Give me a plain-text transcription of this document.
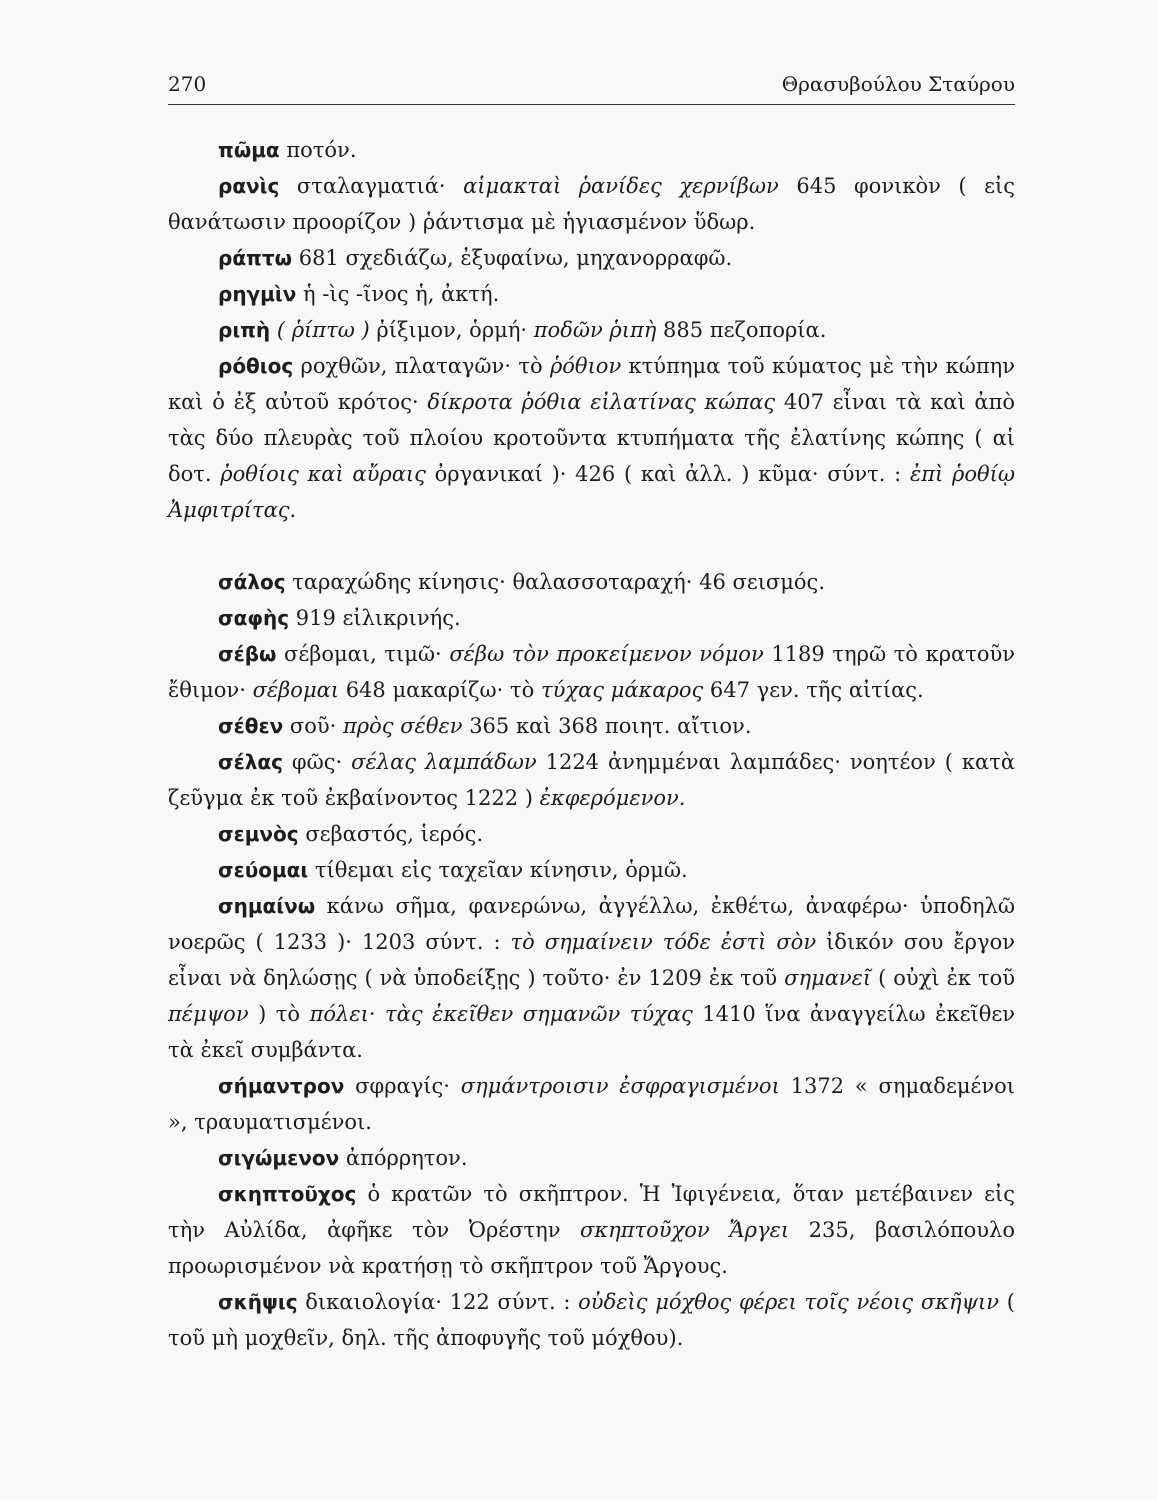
270	Θρασυβούλου Σταύρου

πῶμα ποτόν.

ρανὶς σταλαγματιά· αἱμακταὶ ῥανίδες χερνίβων 645 φονικὸν ( εἰς θανάτωσιν προορίζον ) ῥάντισμα μὲ ἡγιασμένον ὕδωρ.

ράπτω 681 σχεδιάζω, ἐξυφαίνω, μηχανορραφῶ.

ρηγμὶν ἡ -ὶς -ῖνος ἡ, ἀκτή.

ριπὴ ( ῥίπτω ) ῥίξιμον, ὁρμή· ποδῶν ῥιπὴ 885 πεζοπορία.

ρόθιος ροχθῶν, πλαταγῶν· τὸ ῥόθιον κτύπημα τοῦ κύματος μὲ τὴν κώπην καὶ ὁ ἐξ αὐτοῦ κρότος· δίκροτα ῥόθια εἰλατίνας κώπας 407 εἶναι τὰ καὶ ἀπὸ τὰς δύο πλευρὰς τοῦ πλοίου κροτοῦντα κτυπήματα τῆς ἐλατίνης κώπης ( αἱ δοτ. ῥοθίοις καὶ αὔραις ὀργανικαί )· 426 ( καὶ ἀλλ. ) κῦμα· σύντ. : ἐπὶ ῥοθίῳ Ἀμφιτρίτας.

σάλος ταραχώδης κίνησις· θαλασσοταραχή· 46 σεισμός.

σαφὴς 919 εἰλικρινής.

σέβω σέβομαι, τιμῶ· σέβω τὸν προκείμενον νόμον 1189 τηρῶ τὸ κρατοῦν ἔθιμον· σέβομαι 648 μακαρίζω· τὸ τύχας μάκαρος 647 γεν. τῆς αἰτίας.

σέθεν σοῦ· πρὸς σέθεν 365 καὶ 368 ποιητ. αἴτιον.

σέλας φῶς· σέλας λαμπάδων 1224 ἀνημμέναι λαμπάδες· νοητέον ( κατὰ ζεῦγμα ἐκ τοῦ ἐκβαίνοντος 1222 ) ἐκφερόμενον.

σεμνὸς σεβαστός, ἱερός.

σεύομαι τίθεμαι εἰς ταχεῖαν κίνησιν, ὁρμῶ.

σημαίνω κάνω σῆμα, φανερώνω, ἀγγέλλω, ἐκθέτω, ἀναφέρω· ὑποδηλῶ νοερῶς ( 1233 )· 1203 σύντ. : τὸ σημαίνειν τόδε ἐστὶ σὸν ἰδικόν σου ἔργον εἶναι νὰ δηλώσῃς ( νὰ ὑποδείξῃς ) τοῦτο· ἐν 1209 ἐκ τοῦ σημανεῖ ( οὐχὶ ἐκ τοῦ πέμψον ) τὸ πόλει· τὰς ἐκεῖθεν σημανῶν τύχας 1410 ἵνα ἀναγγείλω ἐκεῖθεν τὰ ἐκεῖ συμβάντα.

σήμαντρον σφραγίς· σημάντροισιν ἐσφραγισμένοι 1372 « σημαδεμένοι », τραυματισμένοι.

σιγώμενον ἀπόρρητον.

σκηπτοῦχος ὁ κρατῶν τὸ σκῆπτρον. Ἡ Ἰφιγένεια, ὅταν μετέβαινεν εἰς τὴν Αὐλίδα, ἀφῆκε τὸν Ὀρέστην σκηπτοῦχον Ἄργει 235, βασιλόπουλο προωρισμένον νὰ κρατήσῃ τὸ σκῆπτρον τοῦ Ἄργους.

σκῆψις δικαιολογία· 122 σύντ. : οὐδεὶς μόχθος φέρει τοῖς νέοις σκῆψιν ( τοῦ μὴ μοχθεῖν, δηλ. τῆς ἀποφυγῆς τοῦ μόχθου).
